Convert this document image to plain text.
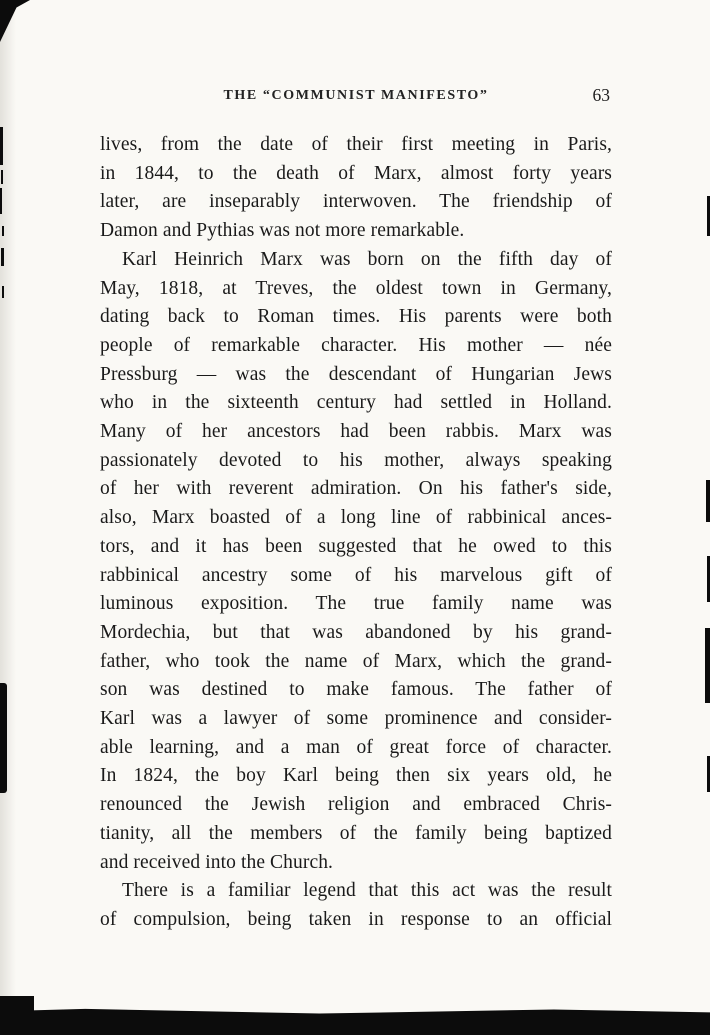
THE “COMMUNIST MANIFESTO”	63
lives, from the date of their first meeting in Paris,
in 1844, to the death of Marx, almost forty years
later, are inseparably interwoven. The friendship of
Damon and Pythias was not more remarkable.
Karl Heinrich Marx was born on the fifth day of
May, 1818, at Treves, the oldest town in Germany,
dating back to Roman times. His parents were both
people of remarkable character. His mother — née
Pressburg — was the descendant of Hungarian Jews
who in the sixteenth century had settled in Holland.
Many of her ancestors had been rabbis. Marx was
passionately devoted to his mother, always speaking
of her with reverent admiration. On his father's side,
also, Marx boasted of a long line of rabbinical ances-
tors, and it has been suggested that he owed to this
rabbinical ancestry some of his marvelous gift of
luminous exposition. The true family name was
Mordechia, but that was abandoned by his grand-
father, who took the name of Marx, which the grand-
son was destined to make famous. The father of
Karl was a lawyer of some prominence and consider-
able learning, and a man of great force of character.
In 1824, the boy Karl being then six years old, he
renounced the Jewish religion and embraced Chris-
tianity, all the members of the family being baptized
and received into the Church.
There is a familiar legend that this act was the result
of compulsion, being taken in response to an official
